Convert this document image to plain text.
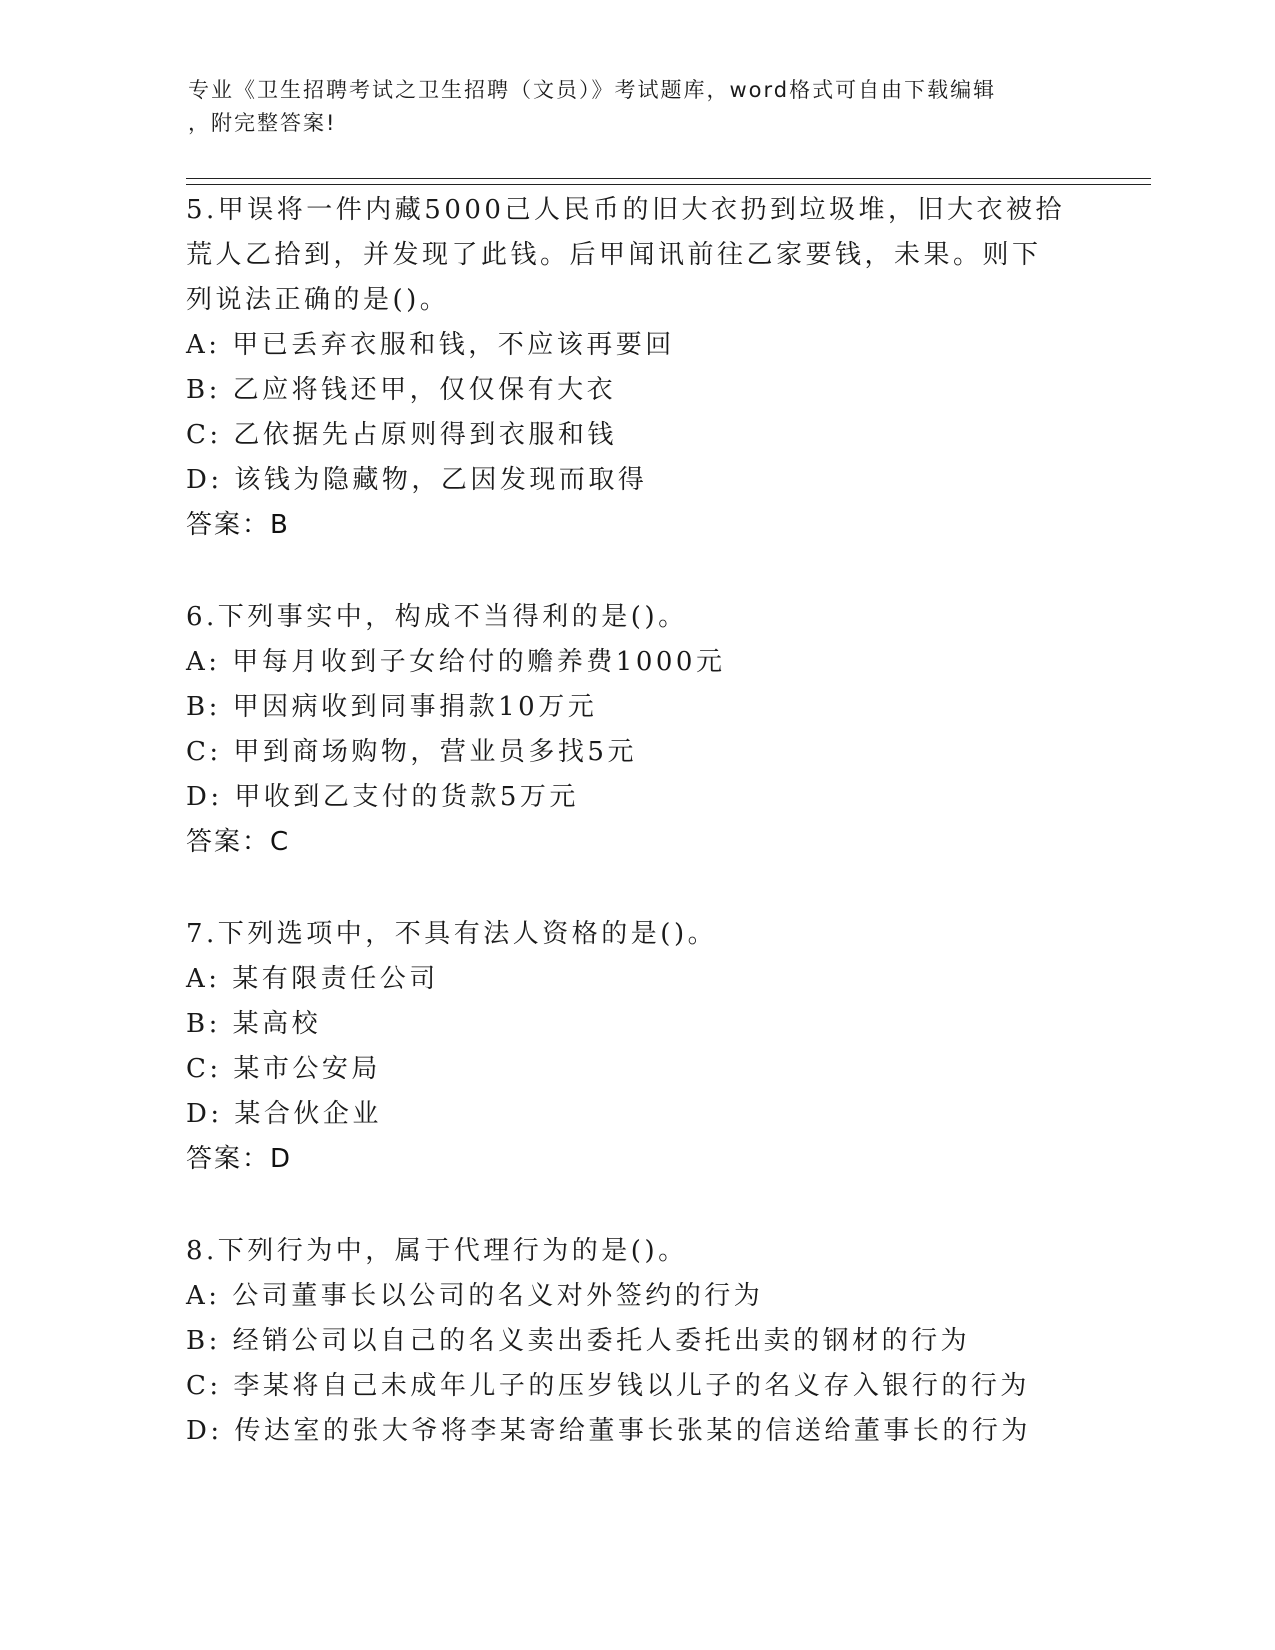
专业《卫生招聘考试之卫生招聘（文员）》考试题库，word格式可自由下载编辑
，附完整答案!
5.甲误将一件内藏5000己人民币的旧大衣扔到垃圾堆，旧大衣被拾荒人乙拾到，并发现了此钱。后甲闻讯前往乙家要钱，未果。则下列说法正确的是()。
A: 甲已丢弃衣服和钱，不应该再要回
B: 乙应将钱还甲，仅仅保有大衣
C: 乙依据先占原则得到衣服和钱
D: 该钱为隐藏物，乙因发现而取得
答案：B
6.下列事实中，构成不当得利的是()。
A: 甲每月收到子女给付的赡养费1000元
B: 甲因病收到同事捐款10万元
C: 甲到商场购物，营业员多找5元
D: 甲收到乙支付的货款5万元
答案：C
7.下列选项中，不具有法人资格的是()。
A: 某有限责任公司
B: 某高校
C: 某市公安局
D: 某合伙企业
答案：D
8.下列行为中，属于代理行为的是()。
A: 公司董事长以公司的名义对外签约的行为
B: 经销公司以自己的名义卖出委托人委托出卖的钢材的行为
C: 李某将自己未成年儿子的压岁钱以儿子的名义存入银行的行为
D: 传达室的张大爷将李某寄给董事长张某的信送给董事长的行为
